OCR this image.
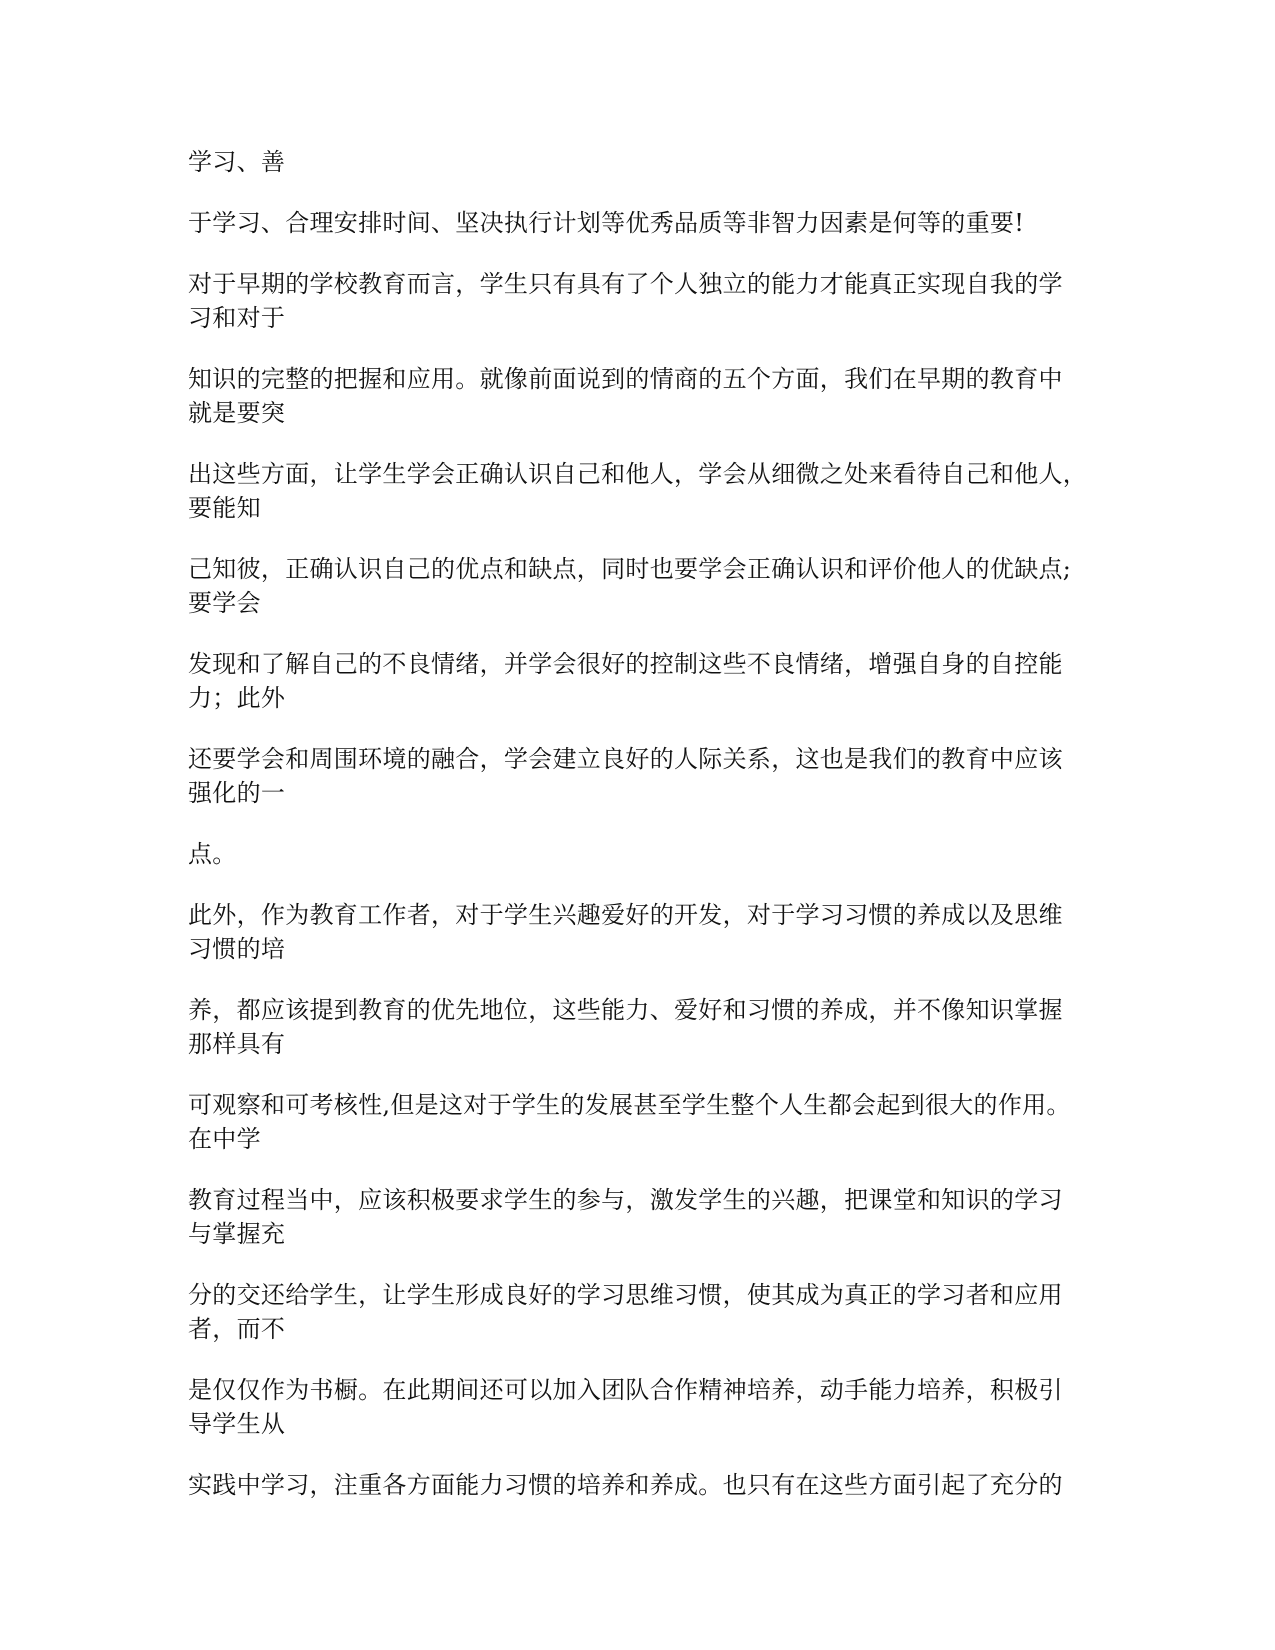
学习、善
于学习、合理安排时间、坚决执行计划等优秀品质等非智力因素是何等的重要!
对于早期的学校教育而言，学生只有具有了个人独立的能力才能真正实现自我的学
习和对于
知识的完整的把握和应用。就像前面说到的情商的五个方面，我们在早期的教育中
就是要突
出这些方面，让学生学会正确认识自己和他人，学会从细微之处来看待自己和他人，
要能知
己知彼，正确认识自己的优点和缺点，同时也要学会正确认识和评价他人的优缺点;
要学会
发现和了解自己的不良情绪，并学会很好的控制这些不良情绪，增强自身的自控能
力；此外
还要学会和周围环境的融合，学会建立良好的人际关系，这也是我们的教育中应该
强化的一
点。
此外，作为教育工作者，对于学生兴趣爱好的开发，对于学习习惯的养成以及思维
习惯的培
养，都应该提到教育的优先地位，这些能力、爱好和习惯的养成，并不像知识掌握
那样具有
可观察和可考核性,但是这对于学生的发展甚至学生整个人生都会起到很大的作用。
在中学
教育过程当中，应该积极要求学生的参与，激发学生的兴趣，把课堂和知识的学习
与掌握充
分的交还给学生，让学生形成良好的学习思维习惯，使其成为真正的学习者和应用
者，而不
是仅仅作为书橱。在此期间还可以加入团队合作精神培养，动手能力培养，积极引
导学生从
实践中学习，注重各方面能力习惯的培养和养成。也只有在这些方面引起了充分的
